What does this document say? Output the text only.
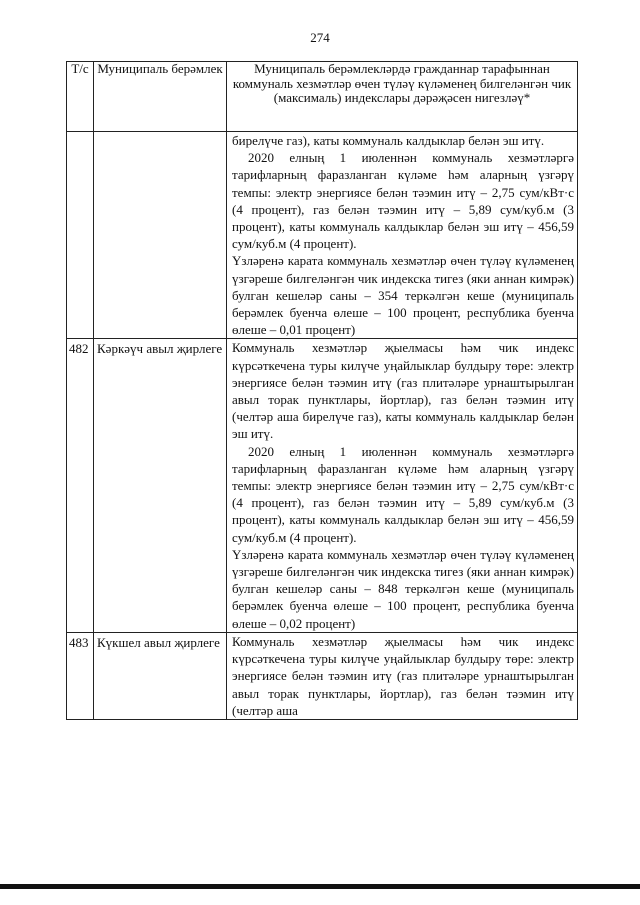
274
Т/с	Муниципаль берәмлек	Муниципаль берәмлекләрдә гражданнар тарафыннан коммуналь хезмәтләр өчен түләү күләменең билгеләнгән чик (максималь) индекслары дәрәҗәсен нигезләү*

		бирелүче газ), каты коммуналь калдыклар белән эш итү.

2020 елның 1 июленнән коммуналь хезмәтләргә тарифларның фаразланган күләме һәм аларның үзгәрү темпы: электр энергиясе белән тәэмин итү – 2,75 сум/кВт·с (4 процент), газ белән тәэмин итү – 5,89 сум/куб.м (3 процент), каты коммуналь калдыклар белән эш итү – 456,59 сум/куб.м (4 процент).

Үзләренә карата коммуналь хезмәтләр өчен түләү күләменең үзгәреше билгеләнгән чик индекска тигез (яки аннан кимрәк) булган кешеләр саны – 354 теркәлгән кеше (муниципаль берәмлек буенча өлеше – 100 процент, республика буенча өлеше – 0,01 процент)

482	Кәркәүч авыл җирлеге	Коммуналь хезмәтләр җыелмасы һәм чик индекс күрсәткечена туры килүче уңайлыклар булдыру төре: электр энергиясе белән тәэмин итү (газ плитәләре урнаштырылган авыл торак пунктлары, йортлар), газ белән тәэмин итү (челтәр аша бирелүче газ), каты коммуналь калдыклар белән эш итү.

2020 елның 1 июленнән коммуналь хезмәтләргә тарифларның фаразланган күләме һәм аларның үзгәрү темпы: электр энергиясе белән тәэмин итү – 2,75 сум/кВт·с (4 процент), газ белән тәэмин итү – 5,89 сум/куб.м (3 процент), каты коммуналь калдыклар белән эш итү – 456,59 сум/куб.м (4 процент).

Үзләренә карата коммуналь хезмәтләр өчен түләү күләменең үзгәреше билгеләнгән чик индекска тигез (яки аннан кимрәк) булган кешеләр саны – 848 теркәлгән кеше (муниципаль берәмлек буенча өлеше – 100 процент, республика буенча өлеше – 0,02 процент)

483	Күкшел авыл җирлеге	Коммуналь хезмәтләр җыелмасы һәм чик индекс күрсәткечена туры килүче уңайлыклар булдыру төре: электр энергиясе белән тәэмин итү (газ плитәләре урнаштырылган авыл торак пунктлары, йортлар), газ белән тәэмин итү (челтәр аша
